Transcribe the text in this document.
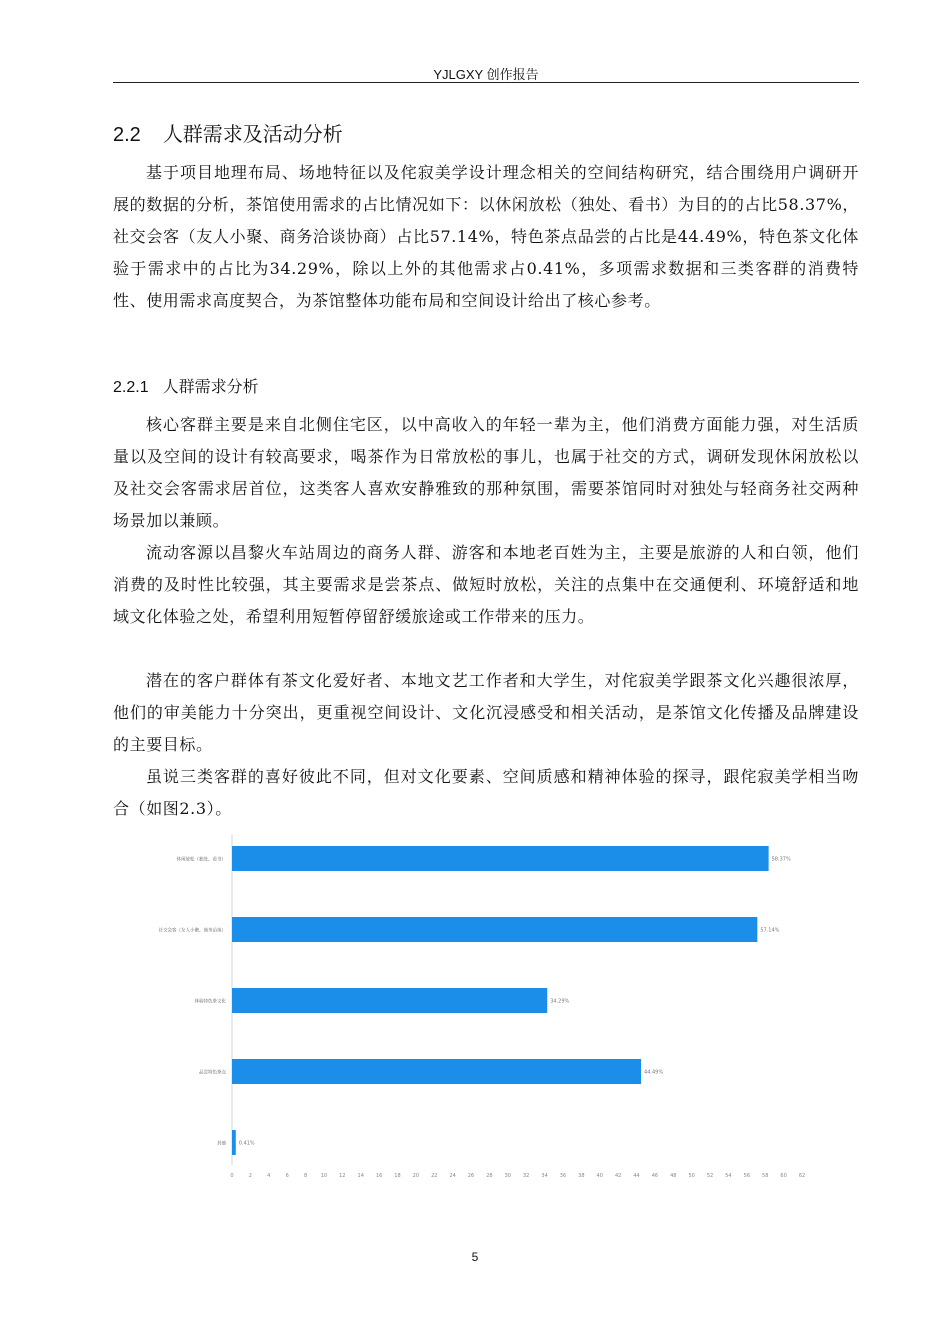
YJLGXY 创作报告
2.2 人群需求及活动分析

基于项目地理布局、场地特征以及侘寂美学设计理念相关的空间结构研究，结合围绕用户调研开展的数据的分析，茶馆使用需求的占比情况如下：以休闲放松（独处、看书）为目的的占比58.37%，社交会客（友人小聚、商务洽谈协商）占比57.14%，特色茶点品尝的占比是44.49%，特色茶文化体验于需求中的占比为34.29%，除以上外的其他需求占0.41%，多项需求数据和三类客群的消费特性、使用需求高度契合，为茶馆整体功能布局和空间设计给出了核心参考。

2.2.1 人群需求分析

核心客群主要是来自北侧住宅区，以中高收入的年轻一辈为主，他们消费方面能力强，对生活质量以及空间的设计有较高要求，喝茶作为日常放松的事儿，也属于社交的方式，调研发现休闲放松以及社交会客需求居首位，这类客人喜欢安静雅致的那种氛围，需要茶馆同时对独处与轻商务社交两种场景加以兼顾。

流动客源以昌黎火车站周边的商务人群、游客和本地老百姓为主，主要是旅游的人和白领，他们消费的及时性比较强，其主要需求是尝茶点、做短时放松，关注的点集中在交通便利、环境舒适和地域文化体验之处，希望利用短暂停留舒缓旅途或工作带来的压力。

潜在的客户群体有茶文化爱好者、本地文艺工作者和大学生，对侘寂美学跟茶文化兴趣很浓厚，他们的审美能力十分突出，更重视空间设计、文化沉浸感受和相关活动，是茶馆文化传播及品牌建设的主要目标。

虽说三类客群的喜好彼此不同，但对文化要素、空间质感和精神体验的探寻，跟侘寂美学相当吻合（如图2.3）。

休闲放松（独处、看书）	58.37%
社交会客（友人小聚、商务洽谈）	57.14%
体验特色茶文化	34.29%
品尝特色茶点	44.49%
其他	0.41%
0	2	4	6	8	10 12 14 16 18 20 22 24 26 28 30 32 34 36 38 40 42 44 46 48 50 52 54 56 58 60 62
5
